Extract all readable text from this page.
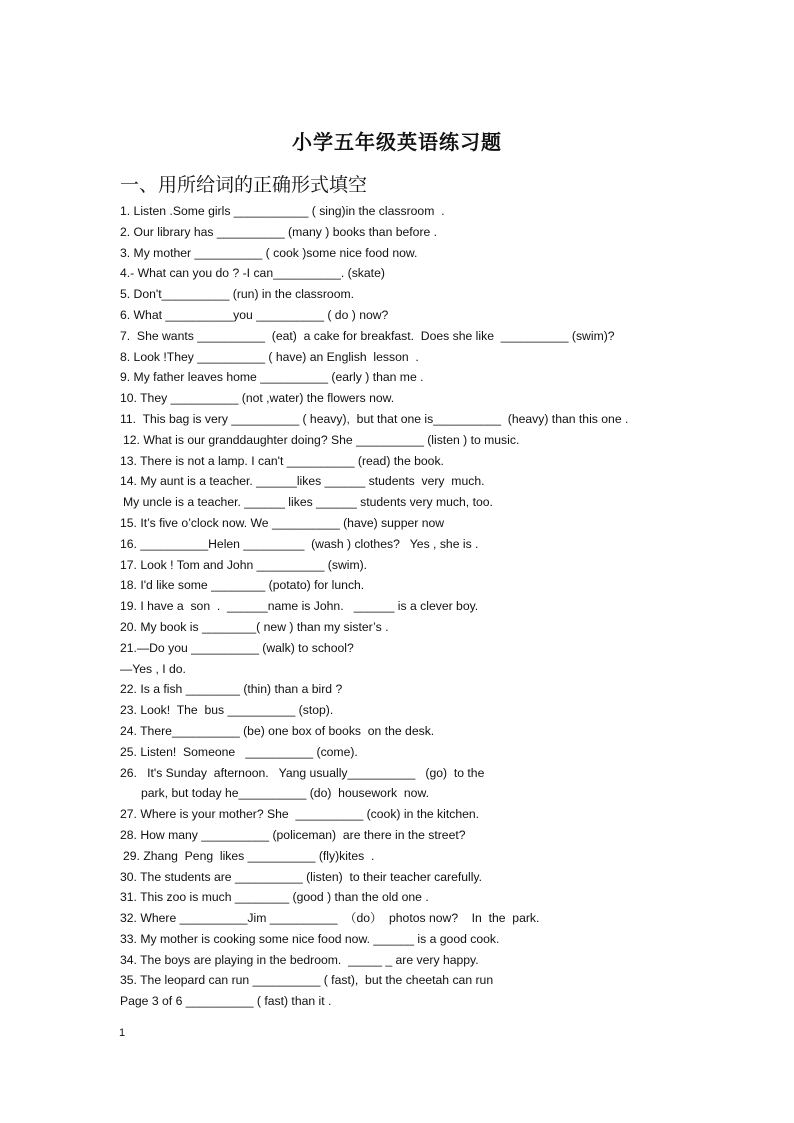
小学五年级英语练习题
一、用所给词的正确形式填空
1. Listen .Some girls ___________ ( sing)in the classroom  .
2. Our library has __________ (many ) books than before .
3. My mother __________ ( cook )some nice food now.
4.- What can you do ? -I can__________. (skate)
5. Don't__________ (run) in the classroom.
6. What __________you __________ ( do ) now?
7.  She wants __________  (eat)  a cake for breakfast.  Does she like  __________ (swim)?
8. Look !They __________ ( have) an English  lesson  .
9. My father leaves home __________ (early ) than me .
10. They __________ (not ,water) the flowers now.
11.  This bag is very __________ ( heavy),  but that one is__________  (heavy) than this one .
12. What is our granddaughter doing? She __________ (listen ) to music.
13. There is not a lamp. I can't __________ (read) the book.
14. My aunt is a teacher. ______likes ______ students  very  much.
My uncle is a teacher. ______ likes ______ students very much, too.
15. It’s five o’clock now. We __________ (have) supper now
16. __________Helen _________  (wash ) clothes?   Yes , she is .
17. Look ! Tom and John __________ (swim).
18. I'd like some ________ (potato) for lunch.
19. I have a  son  .  ______name is John.   ______ is a clever boy.
20. My book is ________( new ) than my sister’s .
21.—Do you __________ (walk) to school?
—Yes , I do.
22. Is a fish ________ (thin) than a bird ?
23. Look!  The  bus __________ (stop).
24. There__________ (be) one box of books  on the desk.
25. Listen!  Someone   __________ (come).
26.   It's Sunday  afternoon.   Yang usually__________   (go)  to the
park, but today he__________ (do)  housework  now.
27. Where is your mother? She  __________ (cook) in the kitchen.
28. How many __________ (policeman)  are there in the street?
29. Zhang  Peng  likes __________ (fly)kites  .
30. The students are __________ (listen)  to their teacher carefully.
31. This zoo is much ________ (good ) than the old one .
32. Where __________Jim __________  （do）  photos now?    In  the  park.
33. My mother is cooking some nice food now. ______ is a good cook.
34. The boys are playing in the bedroom.  _____ _ are very happy.
35. The leopard can run __________ ( fast),  but the cheetah can run
Page 3 of 6 __________ ( fast) than it .
1
